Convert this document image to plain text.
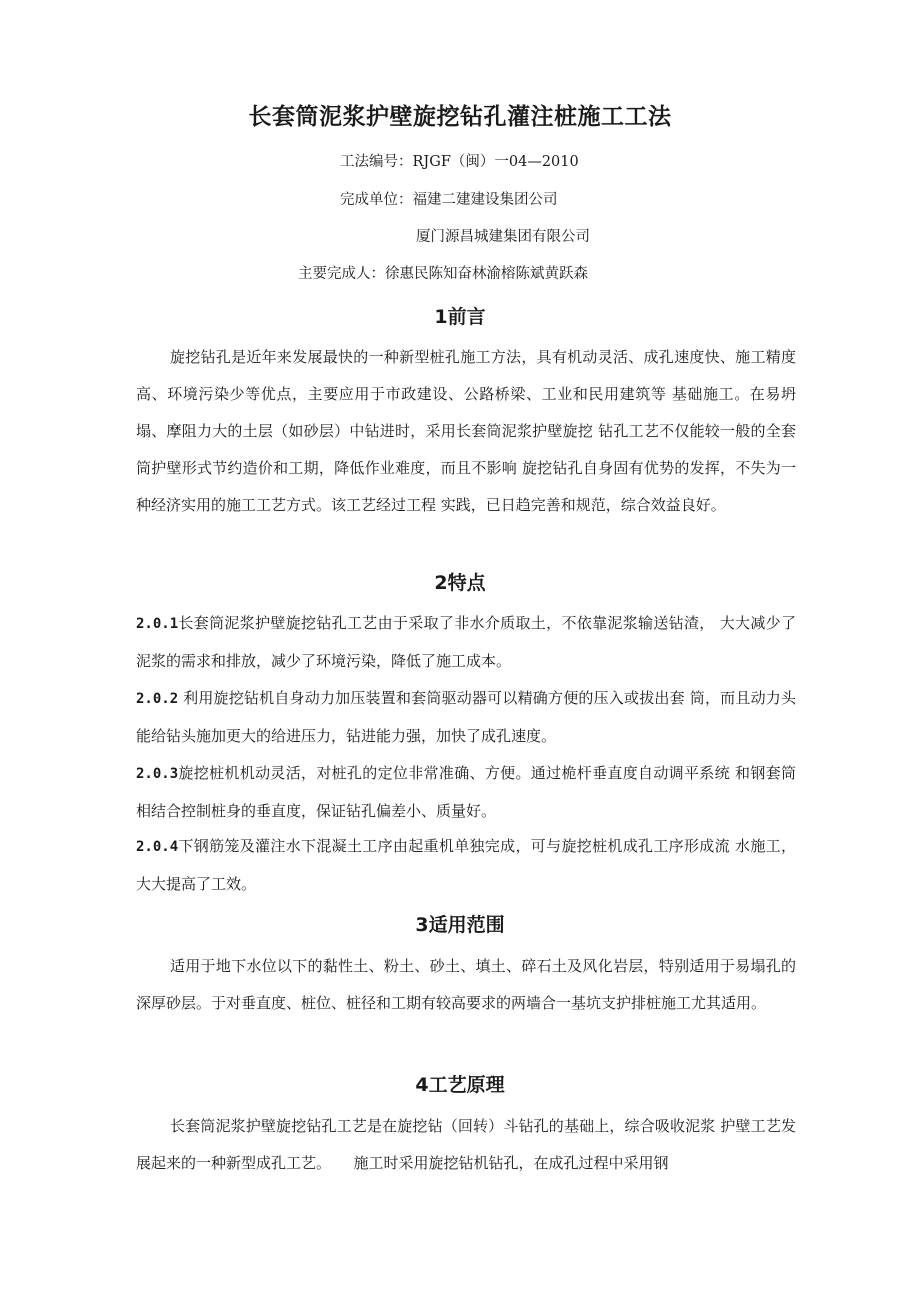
长套筒泥浆护壁旋挖钻孔灌注桩施工工法
工法编号：RJGF（闽）一04—2010
完成单位：福建二建建设集团公司
厦门源昌城建集团有限公司
主要完成人：徐惠民陈知奋林渝榕陈斌黄跃森
1前言
旋挖钻孔是近年来发展最快的一种新型桩孔施工方法，具有机动灵活、成孔速度快、施工精度高、环境污染少等优点，主要应用于市政建设、公路桥梁、工业和民用建筑等 基础施工。在易坍塌、摩阻力大的土层（如砂层）中钻进时，采用长套筒泥浆护壁旋挖 钻孔工艺不仅能较一般的全套筒护壁形式节约造价和工期，降低作业难度，而且不影响 旋挖钻孔自身固有优势的发挥，不失为一种经济实用的施工工艺方式。该工艺经过工程 实践，已日趋完善和规范，综合效益良好。
2特点
2.0.1长套筒泥浆护壁旋挖钻孔工艺由于采取了非水介质取土，不依靠泥浆输送钻渣， 大大减少了泥浆的需求和排放，减少了环境污染，降低了施工成本。
2.0.2 利用旋挖钻机自身动力加压装置和套筒驱动器可以精确方便的压入或拔出套 筒，而且动力头能给钻头施加更大的给进压力，钻进能力强，加快了成孔速度。
2.0.3旋挖桩机机动灵活，对桩孔的定位非常准确、方便。通过桅杆垂直度自动调平系统 和钢套筒相结合控制桩身的垂直度，保证钻孔偏差小、质量好。
2.0.4下钢筋笼及灌注水下混凝土工序由起重机单独完成，可与旋挖桩机成孔工序形成流 水施工，大大提高了工效。
3适用范围
适用于地下水位以下的黏性土、粉土、砂土、填土、碎石土及风化岩层，特别适用于易塌孔的深厚砂层。于对垂直度、桩位、桩径和工期有较高要求的两墙合一基坑支护排桩施工尤其适用。
4工艺原理
长套筒泥浆护壁旋挖钻孔工艺是在旋挖钻（回转）斗钻孔的基础上，综合吸收泥浆 护壁工艺发展起来的一种新型成孔工艺。　　施工时采用旋挖钻机钻孔，在成孔过程中采用钢
